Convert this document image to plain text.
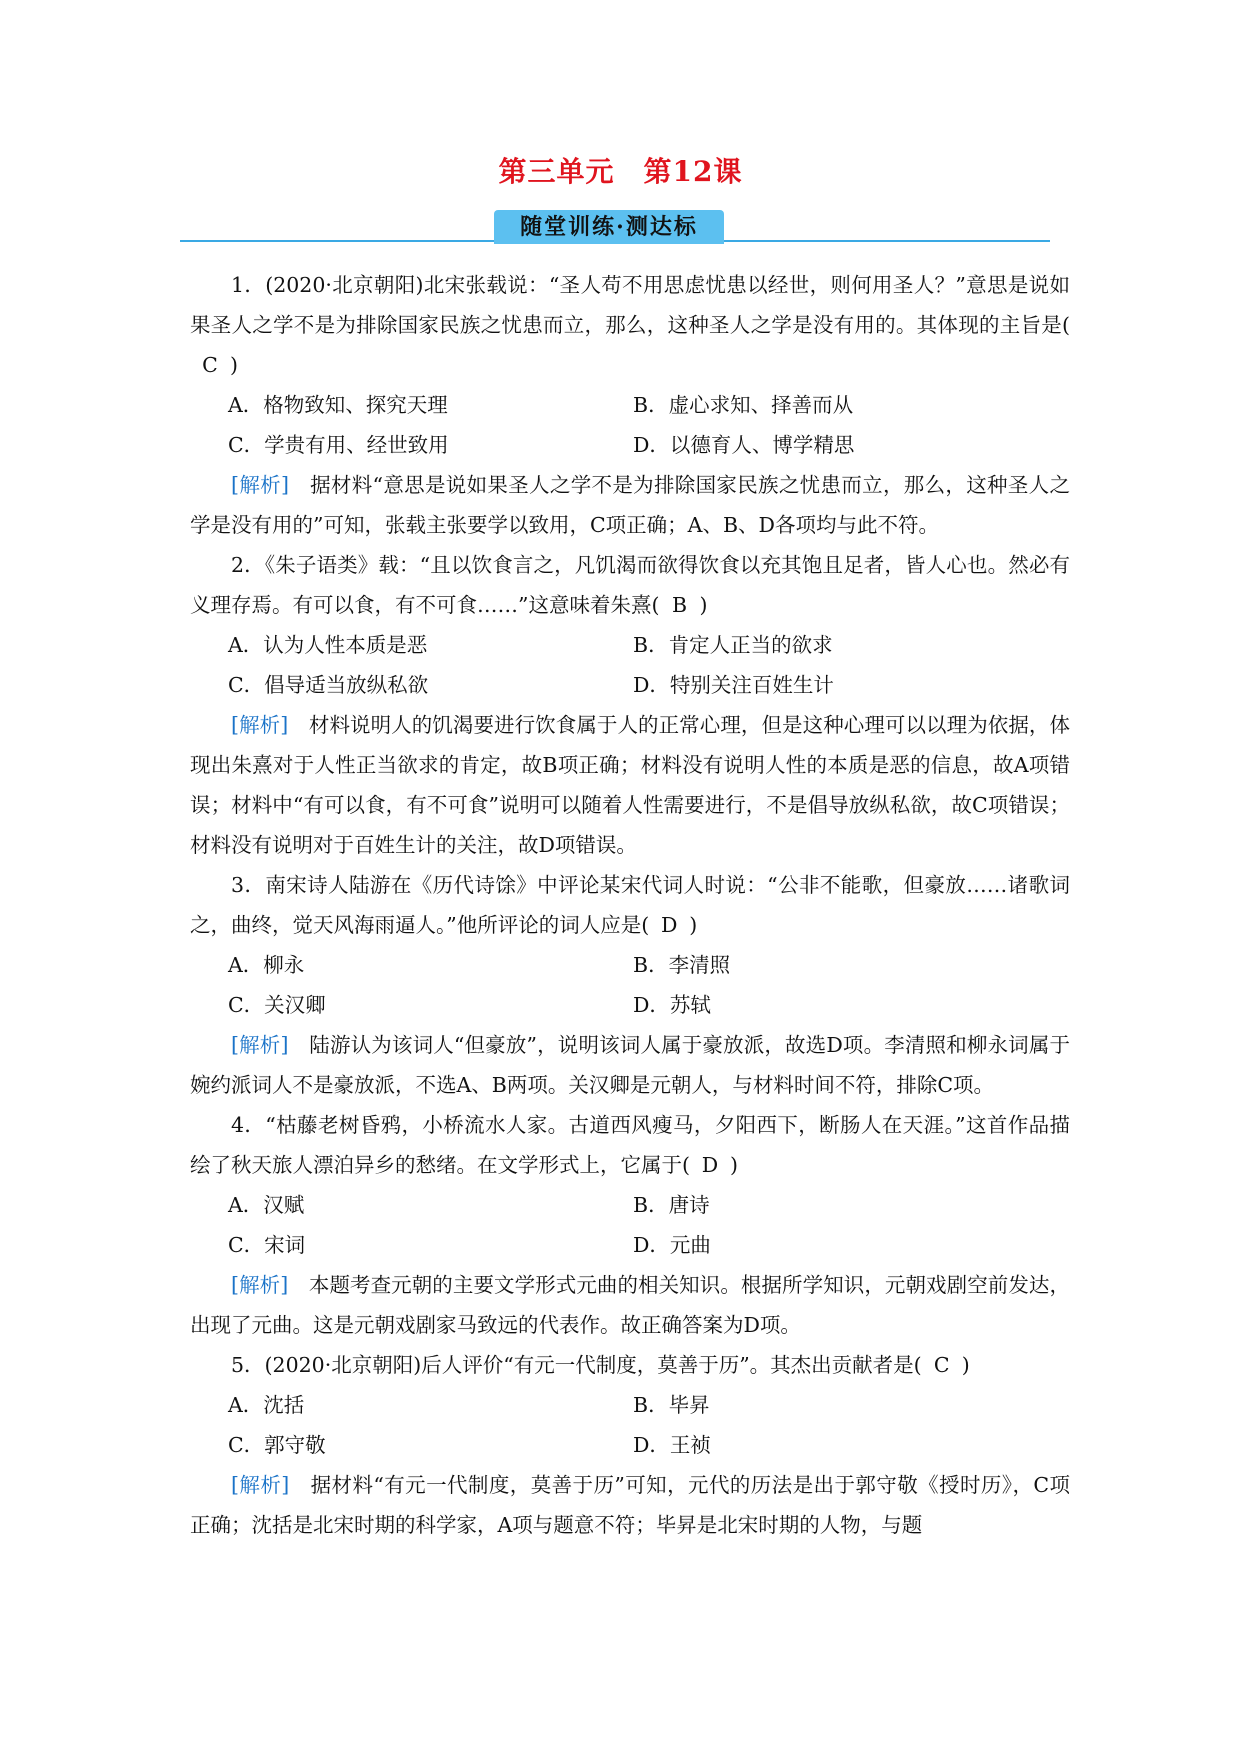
第三单元　第12课
随堂训练·测达标
1．(2020·北京朝阳)北宋张载说：“圣人苟不用思虑忧患以经世，则何用圣人？”意思是说如果圣人之学不是为排除国家民族之忧患而立，那么，这种圣人之学是没有用的。其体现的主旨是(C )
A．格物致知、探究天理	B．虚心求知、择善而从
C．学贵有用、经世致用	D．以德育人、博学精思
[解析]　据材料“意思是说如果圣人之学不是为排除国家民族之忧患而立，那么，这种圣人之学是没有用的”可知，张载主张要学以致用，C项正确；A、B、D各项均与此不符。
2．《朱子语类》载：“且以饮食言之，凡饥渴而欲得饮食以充其饱且足者，皆人心也。然必有义理存焉。有可以食，有不可食……”这意味着朱熹( B )
A．认为人性本质是恶	B．肯定人正当的欲求
C．倡导适当放纵私欲	D．特别关注百姓生计
[解析]　材料说明人的饥渴要进行饮食属于人的正常心理，但是这种心理可以以理为依据，体现出朱熹对于人性正当欲求的肯定，故B项正确；材料没有说明人性的本质是恶的信息，故A项错误；材料中“有可以食，有不可食”说明可以随着人性需要进行，不是倡导放纵私欲，故C项错误；材料没有说明对于百姓生计的关注，故D项错误。
3．南宋诗人陆游在《历代诗馀》中评论某宋代词人时说：“公非不能歌，但豪放……诸歌词之，曲终，觉天风海雨逼人。”他所评论的词人应是( D )
A．柳永	B．李清照
C．关汉卿	D．苏轼
[解析]　陆游认为该词人“但豪放”，说明该词人属于豪放派，故选D项。李清照和柳永词属于婉约派词人不是豪放派，不选A、B两项。关汉卿是元朝人，与材料时间不符，排除C项。
4．“枯藤老树昏鸦，小桥流水人家。古道西风瘦马，夕阳西下，断肠人在天涯。”这首作品描绘了秋天旅人漂泊异乡的愁绪。在文学形式上，它属于( D )
A．汉赋	B．唐诗
C．宋词	D．元曲
[解析]　本题考查元朝的主要文学形式元曲的相关知识。根据所学知识，元朝戏剧空前发达，出现了元曲。这是元朝戏剧家马致远的代表作。故正确答案为D项。
5．(2020·北京朝阳)后人评价“有元一代制度，莫善于历”。其杰出贡献者是( C )
A．沈括	B．毕昇
C．郭守敬	D．王祯
[解析]　据材料“有元一代制度，莫善于历”可知，元代的历法是出于郭守敬《授时历》，C项正确；沈括是北宋时期的科学家，A项与题意不符；毕昇是北宋时期的人物，与题
